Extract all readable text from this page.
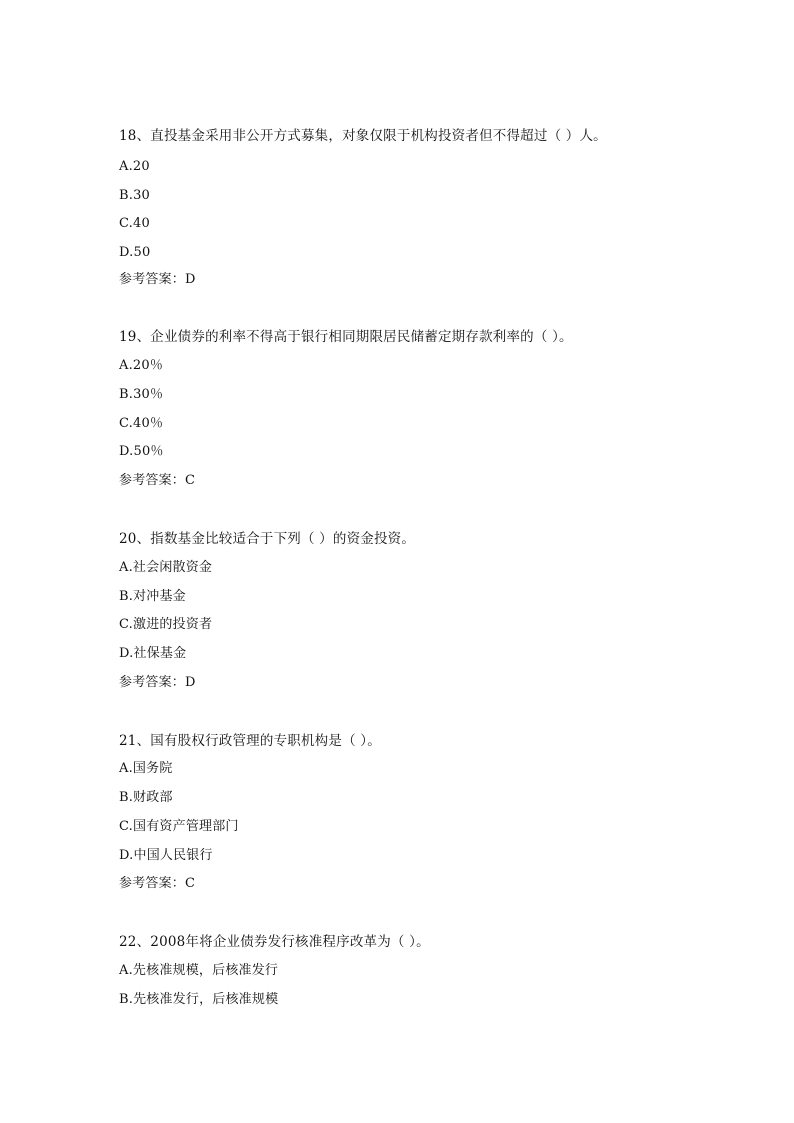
18、直投基金采用非公开方式募集，对象仅限于机构投资者但不得超过（ ）人。
A.20
B.30
C.40
D.50
参考答案：D
19、企业债券的利率不得高于银行相同期限居民储蓄定期存款利率的（ ）。
A.20％
B.30％
C.40％
D.50％
参考答案：C
20、指数基金比较适合于下列（ ）的资金投资。
A.社会闲散资金
B.对冲基金
C.激进的投资者
D.社保基金
参考答案：D
21、国有股权行政管理的专职机构是（ ）。
A.国务院
B.财政部
C.国有资产管理部门
D.中国人民银行
参考答案：C
22、2008年将企业债券发行核准程序改革为（ ）。
A.先核准规模，后核准发行
B.先核准发行，后核准规模
